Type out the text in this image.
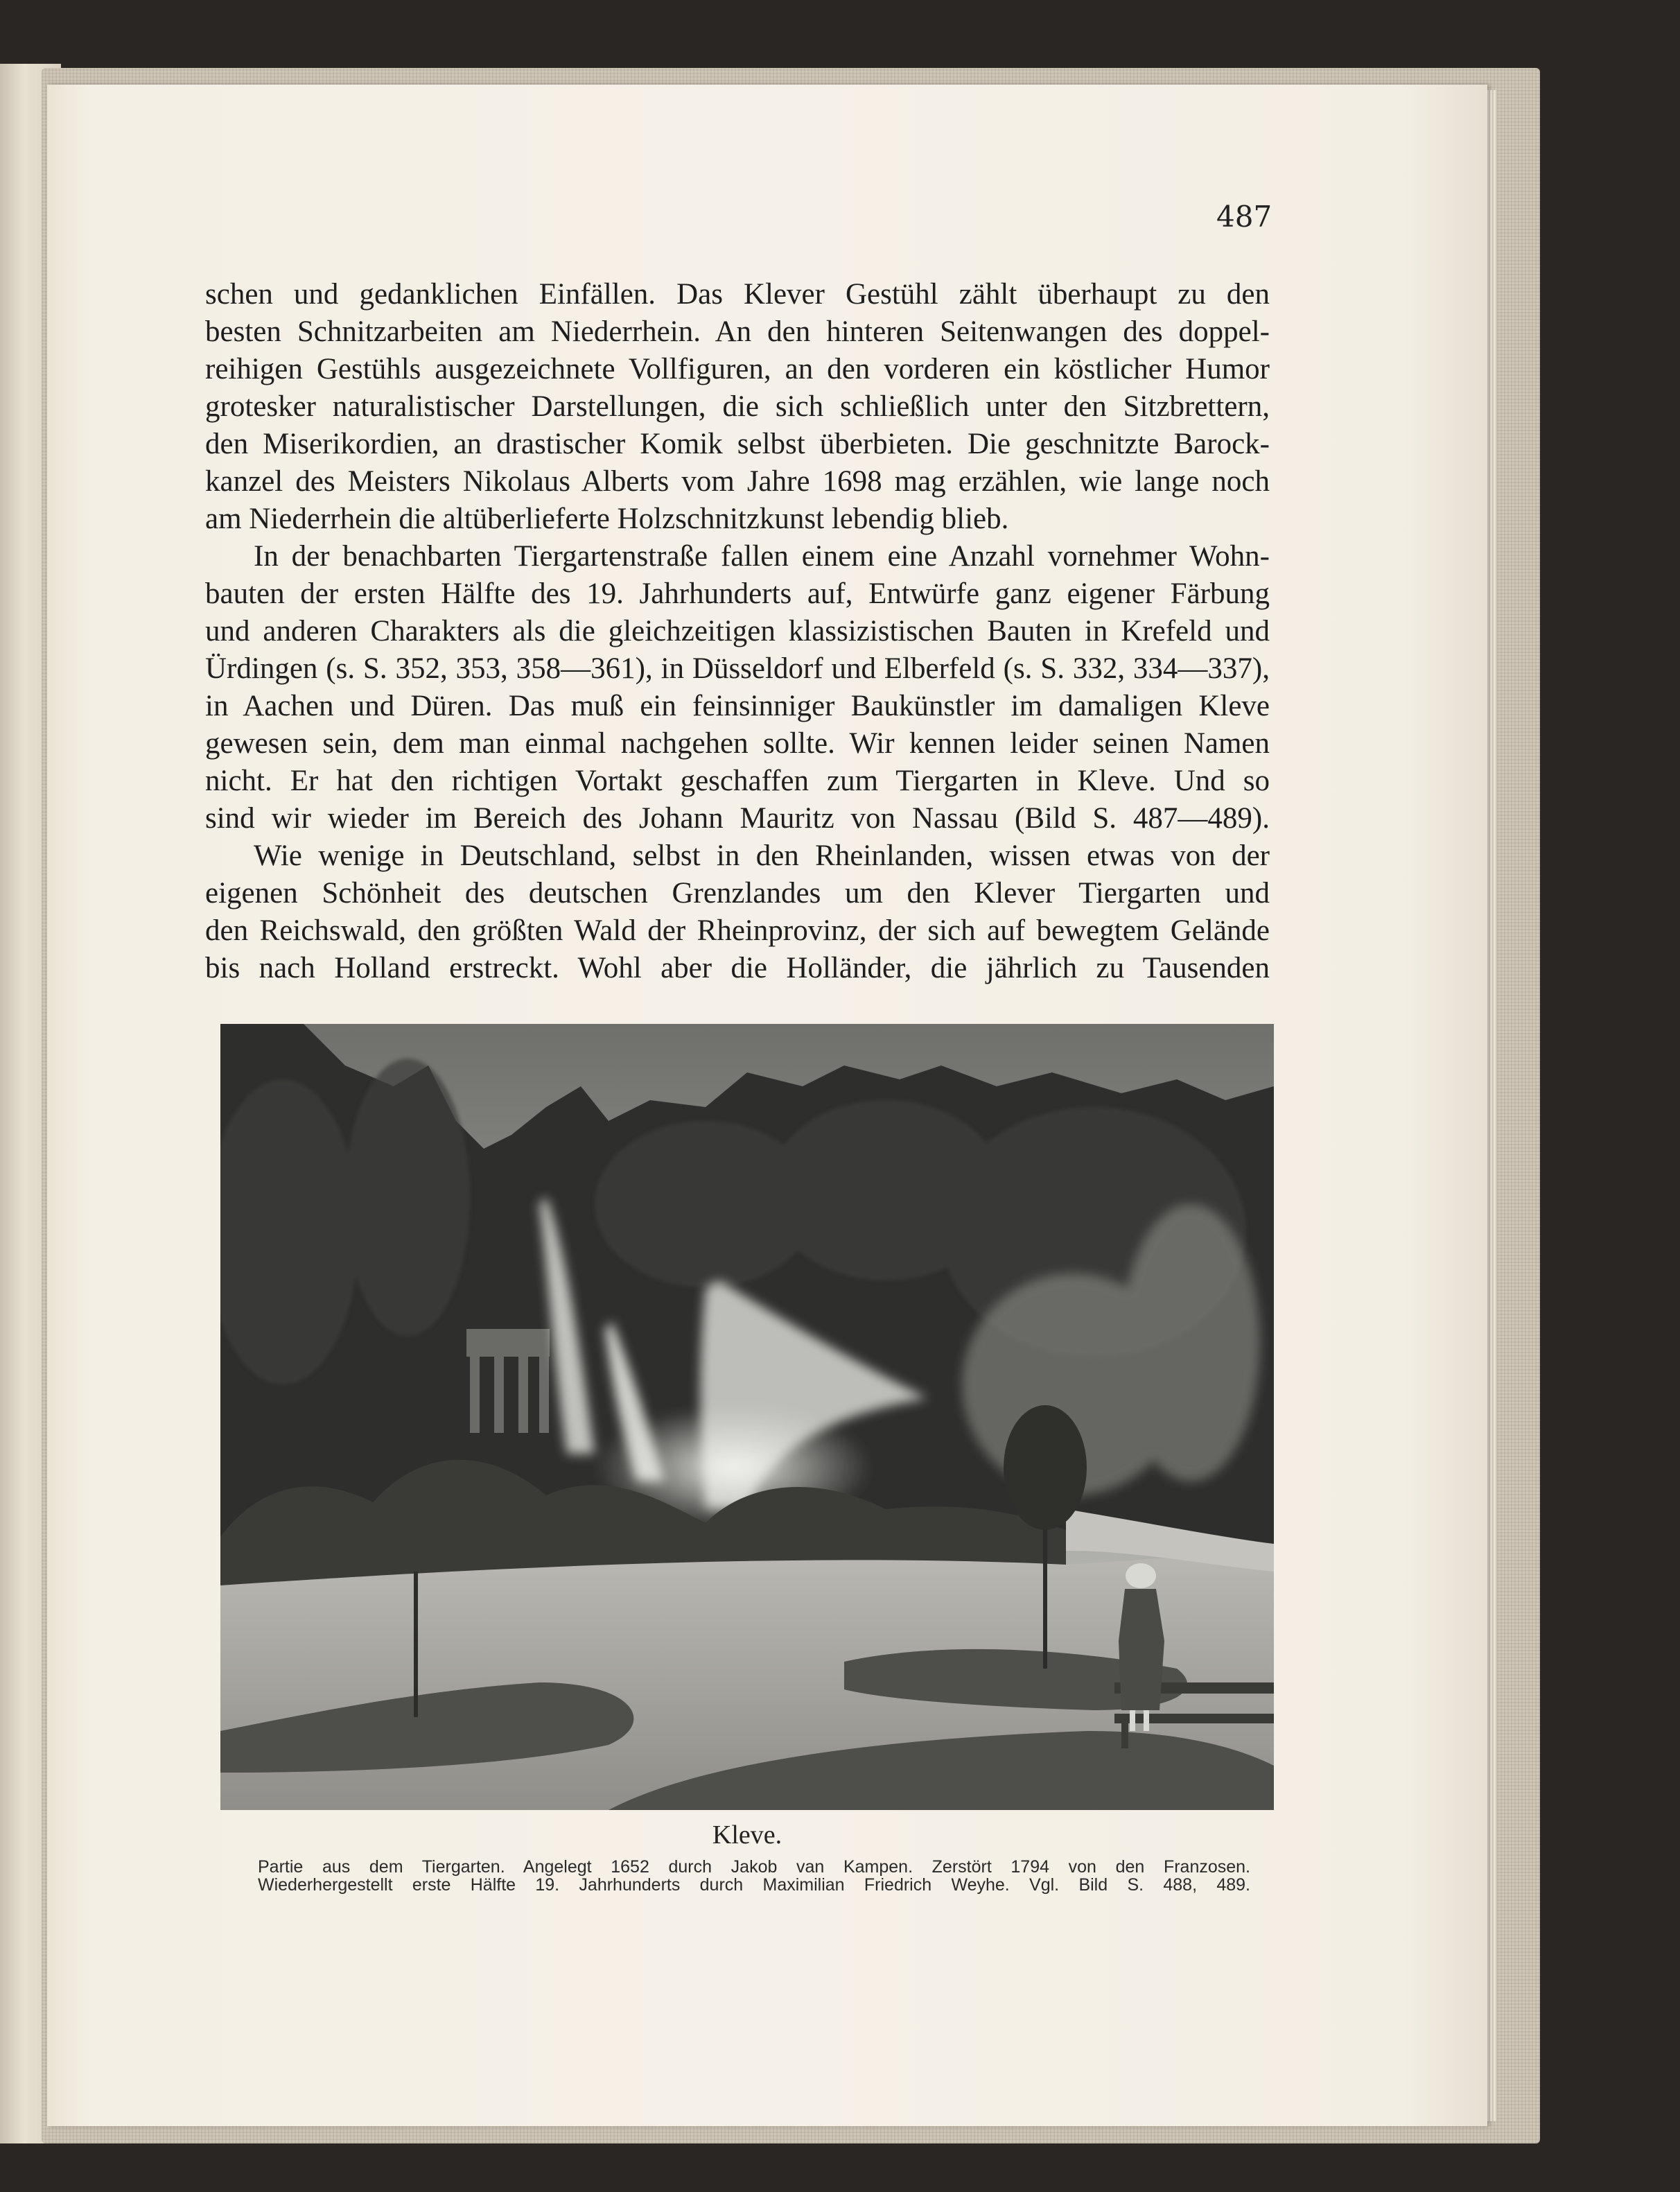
487
schen und gedanklichen Einfällen. Das Klever Gestühl zählt überhaupt zu den
besten Schnitzarbeiten am Niederrhein. An den hinteren Seitenwangen des doppel-
reihigen Gestühls ausgezeichnete Vollfiguren, an den vorderen ein köstlicher Humor
grotesker naturalistischer Darstellungen, die sich schließlich unter den Sitzbrettern,
den Miserikordien, an drastischer Komik selbst überbieten. Die geschnitzte Barock-
kanzel des Meisters Nikolaus Alberts vom Jahre 1698 mag erzählen, wie lange noch
am Niederrhein die altüberlieferte Holzschnitzkunst lebendig blieb.
In der benachbarten Tiergartenstraße fallen einem eine Anzahl vornehmer Wohn-
bauten der ersten Hälfte des 19. Jahrhunderts auf, Entwürfe ganz eigener Färbung
und anderen Charakters als die gleichzeitigen klassizistischen Bauten in Krefeld und
Ürdingen (s. S. 352, 353, 358—361), in Düsseldorf und Elberfeld (s. S. 332, 334—337),
in Aachen und Düren. Das muß ein feinsinniger Baukünstler im damaligen Kleve
gewesen sein, dem man einmal nachgehen sollte. Wir kennen leider seinen Namen
nicht. Er hat den richtigen Vortakt geschaffen zum Tiergarten in Kleve. Und so
sind wir wieder im Bereich des Johann Mauritz von Nassau (Bild S. 487—489).
Wie wenige in Deutschland, selbst in den Rheinlanden, wissen etwas von der
eigenen Schönheit des deutschen Grenzlandes um den Klever Tiergarten und
den Reichswald, den größten Wald der Rheinprovinz, der sich auf bewegtem Gelände
bis nach Holland erstreckt. Wohl aber die Holländer, die jährlich zu Tausenden
Kleve.
Partie aus dem Tiergarten. Angelegt 1652 durch Jakob van Kampen. Zerstört 1794 von den Franzosen.
Wiederhergestellt erste Hälfte 19. Jahrhunderts durch Maximilian Friedrich Weyhe. Vgl. Bild S. 488, 489.
